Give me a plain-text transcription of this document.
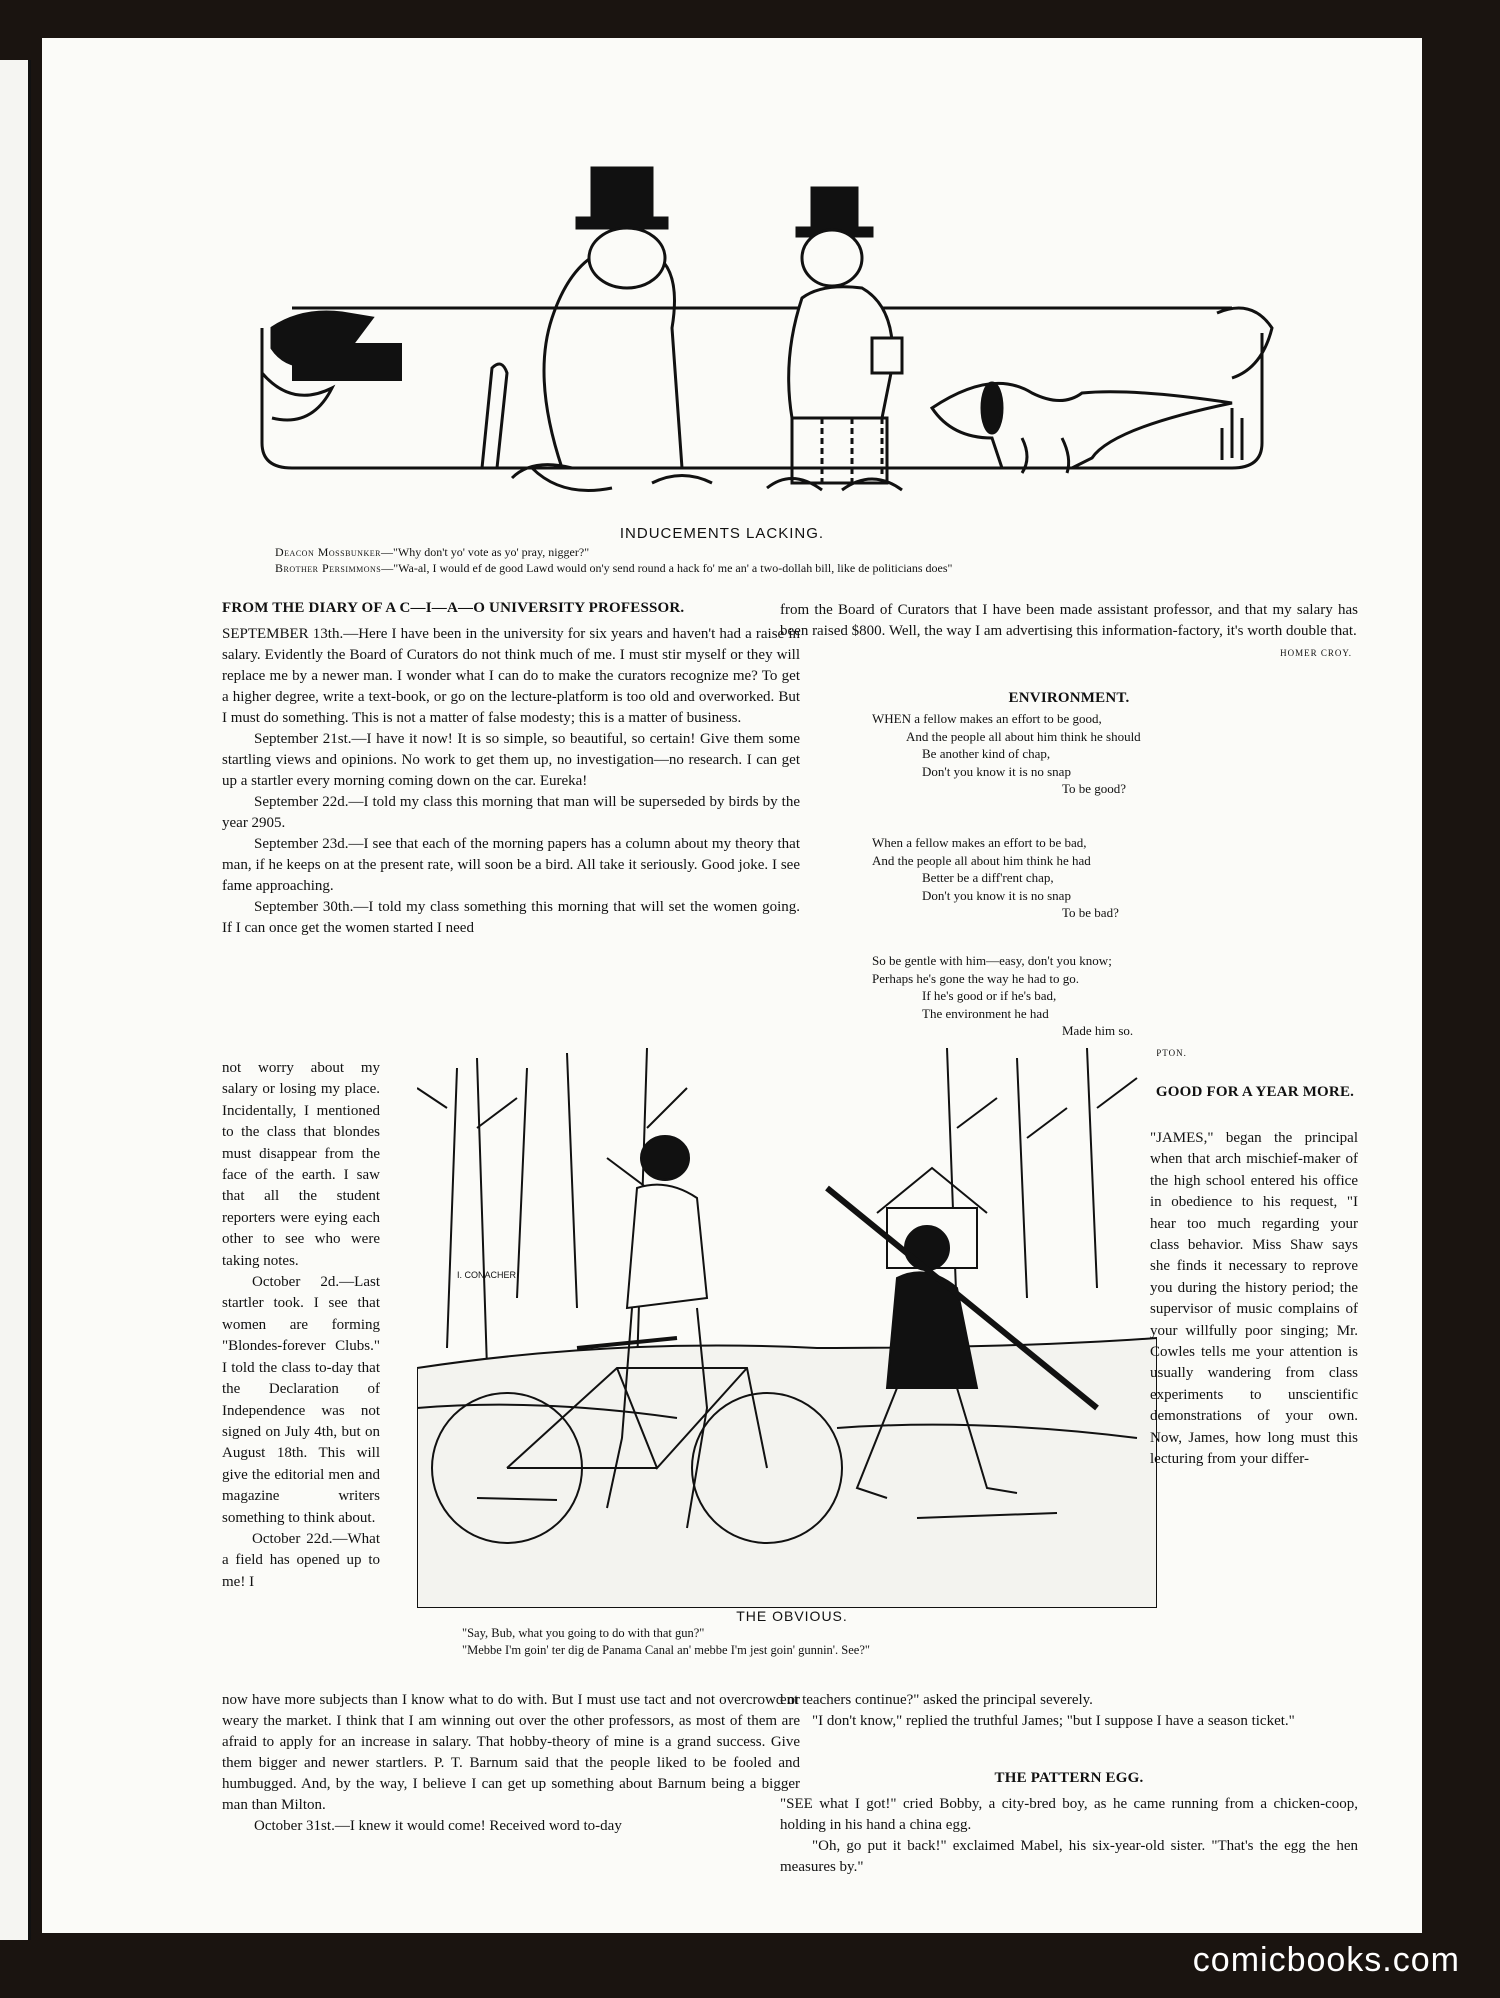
INDUCEMENTS LACKING.
Deacon Mossbunker—"Why don't yo' vote as yo' pray, nigger?"
Brother Persimmons—"Wa-al, I would ef de good Lawd would on'y send round a hack fo' me an' a two-dollah bill, like de politicians does"
FROM THE DIARY OF A C—I—A—O UNIVERSITY PROFESSOR.

SEPTEMBER 13th.—Here I have been in the university for six years and haven't had a raise in salary. Evidently the Board of Curators do not think much of me. I must stir myself or they will replace me by a newer man. I wonder what I can do to make the curators recognize me? To get a higher degree, write a text-book, or go on the lecture-platform is too old and overworked. But I must do something. This is not a matter of false modesty; this is a matter of business.

September 21st.—I have it now! It is so simple, so beautiful, so certain! Give them some startling views and opinions. No work to get them up, no investigation—no research. I can get up a startler every morning coming down on the car. Eureka!

September 22d.—I told my class this morning that man will be superseded by birds by the year 2905.

September 23d.—I see that each of the morning papers has a column about my theory that man, if he keeps on at the present rate, will soon be a bird. All take it seriously. Good joke. I see fame approaching.

September 30th.—I told my class something this morning that will set the women going. If I can once get the women started I need

not worry about my salary or losing my place. Incidentally, I mentioned to the class that blondes must disappear from the face of the earth. I saw that all the student reporters were eying each other to see who were taking notes.

October 2d.—Last startler took. I see that women are forming "Blondes-forever Clubs." I told the class to-day that the Declaration of Independence was not signed on July 4th, but on August 18th. This will give the editorial men and magazine writers something to think about.

October 22d.—What a field has opened up to me! I

now have more subjects than I know what to do with. But I must use tact and not overcrowd or weary the market. I think that I am winning out over the other professors, as most of them are afraid to apply for an increase in salary. That hobby-theory of mine is a grand success. Give them bigger and newer startlers. P. T. Barnum said that the people liked to be fooled and humbugged. And, by the way, I believe I can get up something about Barnum being a bigger man than Milton.

October 31st.—I knew it would come! Received word to-day

from the Board of Curators that I have been made assistant professor, and that my salary has been raised $800. Well, the way I am advertising this information-factory, it's worth double that.

HOMER CROY.
ENVIRONMENT.
WHEN a fellow makes an effort to be good,
And the people all about him think he should
Be another kind of chap,
Don't you know it is no snap
To be good?
When a fellow makes an effort to be bad,
And the people all about him think he had
Better be a diff'rent chap,
Don't you know it is no snap
To be bad?
So be gentle with him—easy, don't you know;
Perhaps he's gone the way he had to go.
If he's good or if he's bad,
The environment he had
Made him so.
WILLIAM J. LAMPTON.
I. CONACHER
THE OBVIOUS.
"Say, Bub, what you going to do with that gun?"
"Mebbe I'm goin' ter dig de Panama Canal an' mebbe I'm jest goin' gunnin'. See?"
GOOD FOR A YEAR MORE.

"JAMES," began the principal when that arch mischief-maker of the high school entered his office in obedience to his request, "I hear too much regarding your class behavior. Miss Shaw says she finds it necessary to reprove you during the history period; the supervisor of music complains of your willfully poor singing; Mr. Cowles tells me your attention is usually wandering from class experiments to unscientific demonstrations of your own. Now, James, how long must this lecturing from your differ-

ent teachers continue?" asked the principal severely.

"I don't know," replied the truthful James; "but I suppose I have a season ticket."

THE PATTERN EGG.

"SEE what I got!" cried Bobby, a city-bred boy, as he came running from a chicken-coop, holding in his hand a china egg.

"Oh, go put it back!" exclaimed Mabel, his six-year-old sister. "That's the egg the hen measures by."

comicbooks.com
